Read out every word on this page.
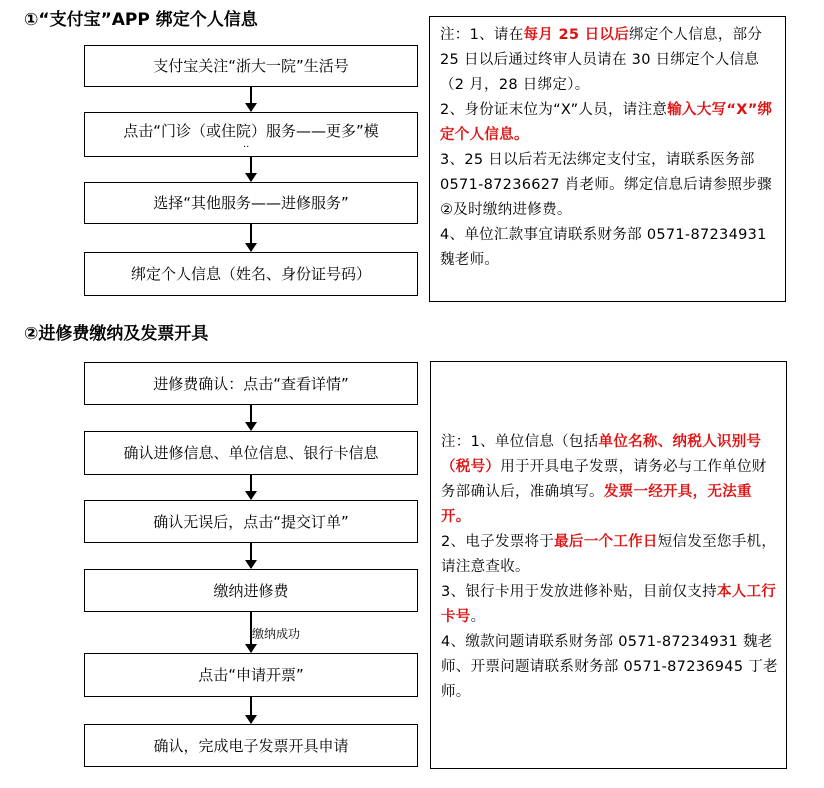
①“支付宝”APP 绑定个人信息
支付宝关注“浙大一院”生活号
点击“门诊（或住院）服务——更多”模
··
选择“其他服务——进修服务”
绑定个人信息（姓名、身份证号码）

注：1、请在每月 25 日以后绑定个人信息，部分 25 日以后通过终审人员请在 30 日绑定个人信息（2 月，28 日绑定）。

2、身份证末位为“X”人员，请注意输入大写“X”绑定个人信息。

3、25 日以后若无法绑定支付宝，请联系医务部 0571-87236627 肖老师。绑定信息后请参照步骤②及时缴纳进修费。

4、单位汇款事宜请联系财务部 0571-87234931 魏老师。

②进修费缴纳及发票开具
进修费确认：点击“查看详情”
确认进修信息、单位信息、银行卡信息
确认无误后，点击“提交订单”
缴纳进修费
缴纳成功
点击“申请开票”
确认，完成电子发票开具申请

注：1、单位信息（包括单位名称、纳税人识别号（税号）用于开具电子发票，请务必与工作单位财务部确认后，准确填写。发票一经开具，无法重开。

2、电子发票将于最后一个工作日短信发至您手机，请注意查收。

3、银行卡用于发放进修补贴，目前仅支持本人工行卡号。

4、缴款问题请联系财务部 0571-87234931 魏老师、开票问题请联系财务部 0571-87236945 丁老师。
